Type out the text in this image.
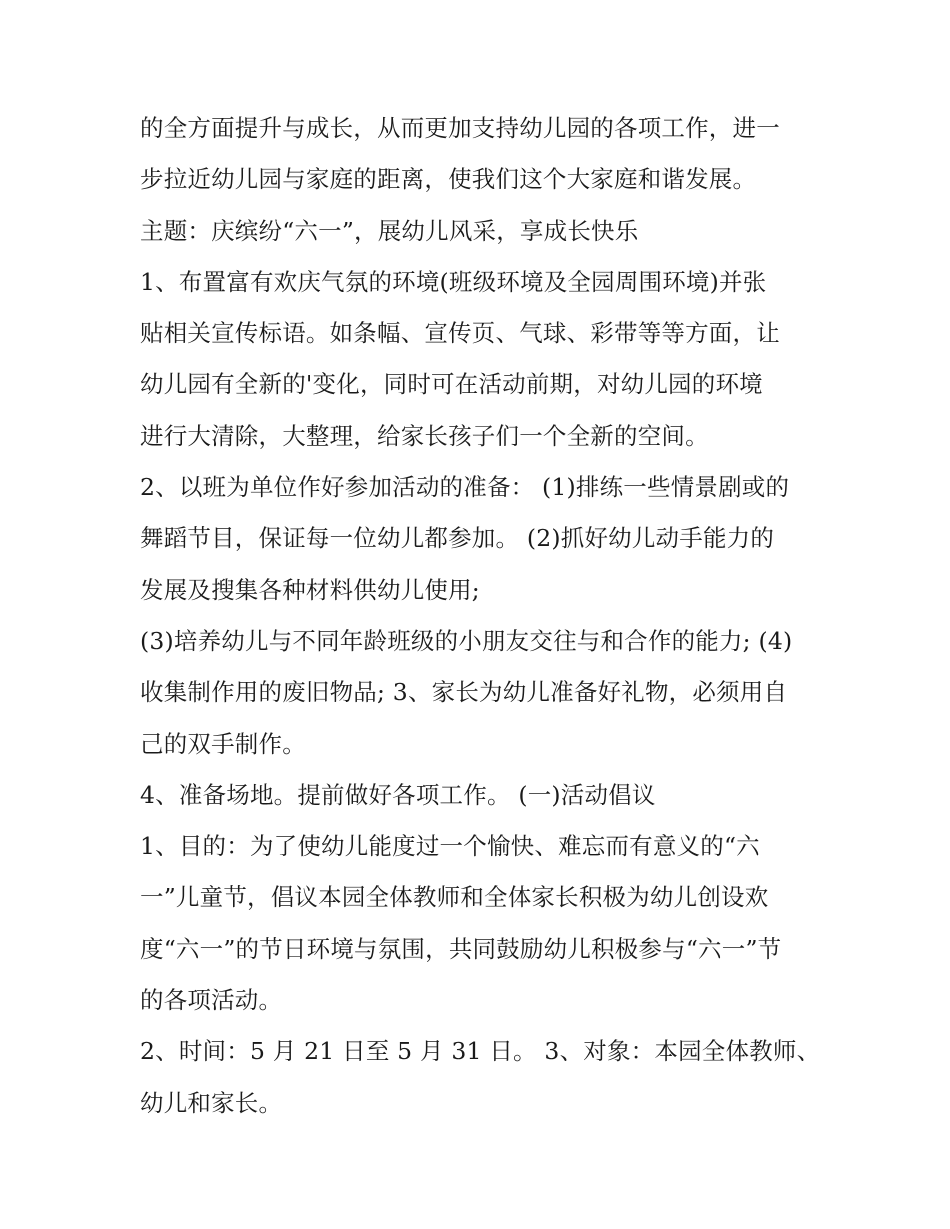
的全方面提升与成长，从而更加支持幼儿园的各项工作，进一
步拉近幼儿园与家庭的距离，使我们这个大家庭和谐发展。
主题：庆缤纷“六一”，展幼儿风采，享成长快乐
1、布置富有欢庆气氛的环境(班级环境及全园周围环境)并张
贴相关宣传标语。如条幅、宣传页、气球、彩带等等方面，让
幼儿园有全新的'变化，同时可在活动前期，对幼儿园的环境
进行大清除，大整理，给家长孩子们一个全新的空间。
2、以班为单位作好参加活动的准备： (1)排练一些情景剧或的
舞蹈节目，保证每一位幼儿都参加。 (2)抓好幼儿动手能力的
发展及搜集各种材料供幼儿使用;
(3)培养幼儿与不同年龄班级的小朋友交往与和合作的能力; (4)
收集制作用的废旧物品; 3、家长为幼儿准备好礼物，必须用自
己的双手制作。
4、准备场地。提前做好各项工作。 (一)活动倡议
1、目的：为了使幼儿能度过一个愉快、难忘而有意义的“六
一”儿童节，倡议本园全体教师和全体家长积极为幼儿创设欢
度“六一”的节日环境与氛围，共同鼓励幼儿积极参与“六一”节
的各项活动。
2、时间：5 月 21 日至 5 月 31 日。 3、对象：本园全体教师、
幼儿和家长。
